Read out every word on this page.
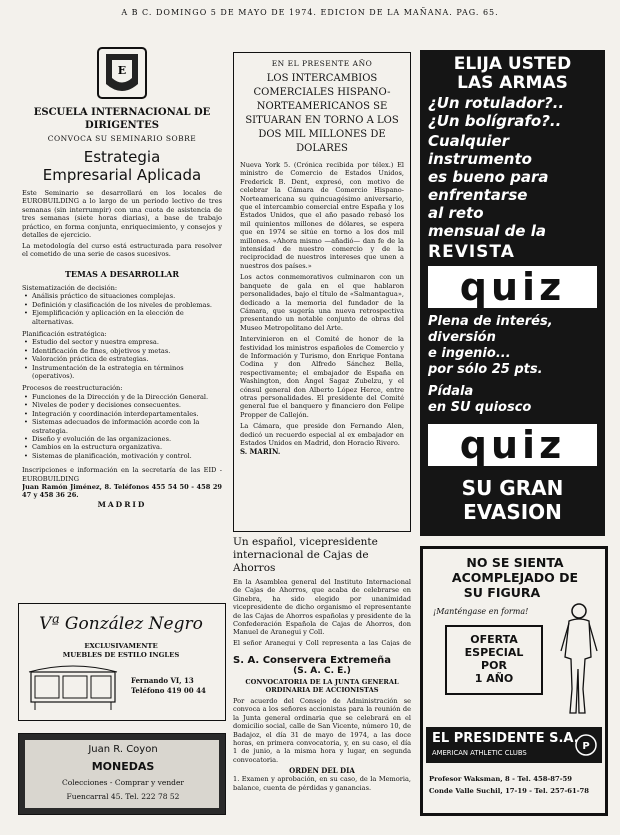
A B C. DOMINGO 5 DE MAYO DE 1974. EDICION DE LA MAÑANA. PAG. 65.
E
ESCUELA INTERNACIONAL DE DIRIGENTES
CONVOCA SU SEMINARIO SOBRE
Estrategia
Empresarial Aplicada

Este Seminario se desarrollará en los locales de EUROBUILDING a lo largo de un periodo lectivo de tres semanas (sin interrumpir) con una cuota de asistencia de tres semanas (siete horas diarias), a base de trabajo práctico, en forma conjunta, enriquecimiento, y consejos y detalles de ejercicio.

La metodología del curso está estructurada para resolver el cometido de una serie de casos sucesivos.

TEMAS A DESARROLLAR
Sistematización de decisión:
• Análisis práctico de situaciones complejas.
• Definición y clasificación de los niveles de problemas.
• Ejemplificación y aplicación en la elección de alternativas.
Planificación estratégica:
• Estudio del sector y nuestra empresa.
• Identificación de fines, objetivos y metas.
• Valoración práctica de estrategias.
• Instrumentación de la estrategia en términos (operativos).
Procesos de reestructuración:
• Funciones de la Dirección y de la Dirección General.
• Niveles de poder y decisiones consecuentes.
• Integración y coordinación interdepartamentales.
• Sistemas adecuados de información acorde con la estrategia.
• Diseño y evolución de las organizaciones.
• Cambios en la estructura organizativa.
• Sistemas de planificación, motivación y control.

Inscripciones e información en la secretaría de las EID - EUROBUILDING

Juan Ramón Jiménez, 8. Teléfonos 455 54 50 - 458 29 47 y 458 36 26.

MADRID
Vª González Negro
EXCLUSIVAMENTE
MUEBLES DE ESTILO INGLES
Fernando VI, 13
Teléfono 419 00 44
Juan R. Coyon
MONEDAS
Colecciones - Comprar y vender
Fuencarral 45. Tel. 222 78 52
EN EL PRESENTE AÑO
LOS INTERCAMBIOS COMERCIALES HISPANO-NORTEAMERICANOS SE SITUARAN EN TORNO A LOS DOS MIL MILLONES DE DOLARES

Nueva York 5. (Crónica recibida por télex.) El ministro de Comercio de Estados Unidos, Frederick B. Dent, expresó, con motivo de celebrar la Cámara de Comercio Hispano-Norteamericana su quincuagésimo aniversario, que el intercambio comercial entre España y los Estados Unidos, que el año pasado rebasó los mil quinientos millones de dólares, se espera que en 1974 se sitúe en torno a los dos mil millones. «Ahora mismo —añadió— dan fe de la intensidad de nuestro comercio y de la reciprocidad de nuestros intereses que unen a nuestros dos países.»

Los actos conmemorativos culminaron con un banquete de gala en el que hablaron personalidades, bajo el título de «Salmantagua», dedicado a la memoria del fundador de la Cámara, que sugería una nueva retrospectiva presentando un notable conjunto de obras del Museo Metropolitano del Arte.

Intervinieron en el Comité de honor de la festividad los ministros españoles de Comercio y de Información y Turismo, don Enrique Fontana Codina y don Alfredo Sánchez Bella, respectivamente; el embajador de España en Washington, don Ángel Sagaz Zubelzu, y el cónsul general don Alberto López Herce, entre otras personalidades. El presidente del Comité general fue el banquero y financiero don Felipe Propper de Callejón.

La Cámara, que preside don Fernando Alen, dedicó un recuerdo especial al ex embajador en Estados Unidos en Madrid, don Horacio Rivero.

S. MARIN.
Un español, vicepresidente internacional de Cajas de Ahorros

En la Asamblea general del Instituto Internacional de Cajas de Ahorros, que acaba de celebrarse en Ginebra, ha sido elegido por unanimidad vicepresidente de dicho organismo el representante de las Cajas de Ahorros españolas y presidente de la Confederación Española de Cajas de Ahorros, don Manuel de Aranegui y Coll.

El señor Aranegui y Coll representa a las Cajas de

S. A. Conservera Extremeña
(S. A. C. E.)
CONVOCATORIA DE LA JUNTA GENERAL ORDINARIA DE ACCIONISTAS

Por acuerdo del Consejo de Administración se convoca a los señores accionistas para la reunión de la Junta general ordinaria que se celebrará en el domicilio social, calle de San Vicente, número 10, de Badajoz, el día 31 de mayo de 1974, a las doce horas, en primera convocatoria, y, en su caso, el día 1 de junio, a la misma hora y lugar, en segunda convocatoria.

ORDEN DEL DIA

1. Examen y aprobación, en su caso, de la Memoria, balance, cuenta de pérdidas y ganancias.

ELIJA USTED
LAS ARMAS
¿Un rotulador?..
¿Un bolígrafo?..
Cualquier
instrumento
es bueno para
enfrentarse
al reto
mensual de la
REVISTA
quiz
Plena de interés,
diversión
e ingenio...
por sólo 25 pts.
Pídala
en SU quiosco
quiz
SU GRAN
EVASION
NO SE SIENTA
ACOMPLEJADO DE
SU FIGURA
¡Manténgase en forma!
OFERTA
ESPECIAL
POR
1 AÑO
EL PRESIDENTE S.A.
AMERICAN ATHLETIC CLUBS
P
Profesor Waksman, 8 - Tel. 458-87-59
Conde Valle Suchil, 17-19 - Tel. 257-61-78
